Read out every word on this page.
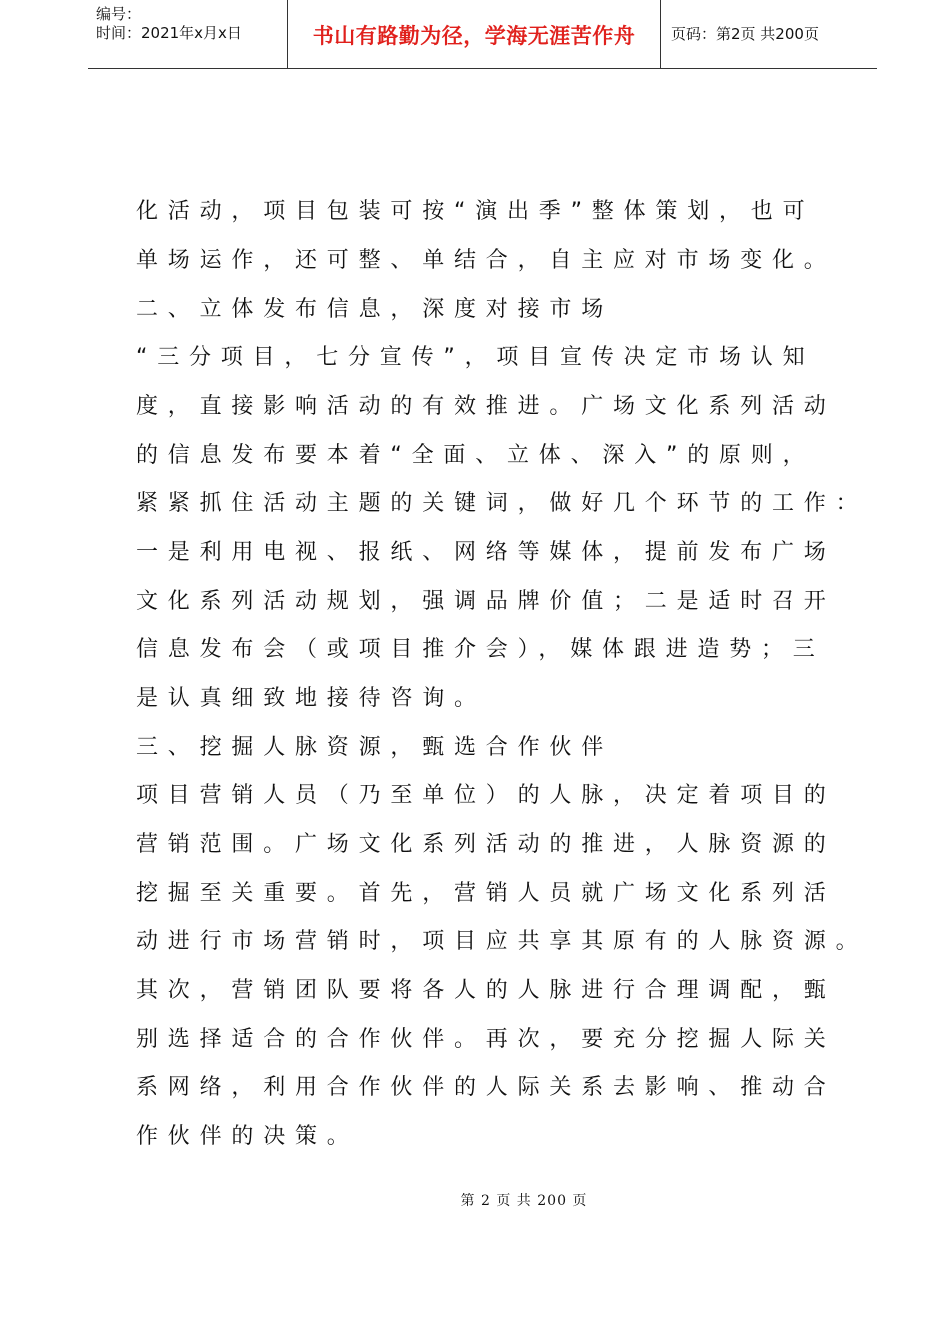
编号：
时间：2021年x月x日	书山有路勤为径，学海无涯苦作舟 页码：第2页 共200页
化活动，项目包装可按“演出季”整体策划，也可
单场运作，还可整、单结合，自主应对市场变化。
二、立体发布信息，深度对接市场
“三分项目，七分宣传”，项目宣传决定市场认知
度，直接影响活动的有效推进。广场文化系列活动
的信息发布要本着“全面、立体、深入”的原则，
紧紧抓住活动主题的关键词，做好几个环节的工作：
一是利用电视、报纸、网络等媒体，提前发布广场
文化系列活动规划，强调品牌价值；二是适时召开
信息发布会（或项目推介会），媒体跟进造势；三
是认真细致地接待咨询。
三、挖掘人脉资源，甄选合作伙伴
项目营销人员（乃至单位）的人脉，决定着项目的
营销范围。广场文化系列活动的推进，人脉资源的
挖掘至关重要。首先，营销人员就广场文化系列活
动进行市场营销时，项目应共享其原有的人脉资源。
其次，营销团队要将各人的人脉进行合理调配，甄
别选择适合的合作伙伴。再次，要充分挖掘人际关
系网络，利用合作伙伴的人际关系去影响、推动合
作伙伴的决策。
第 2 页 共 200 页
